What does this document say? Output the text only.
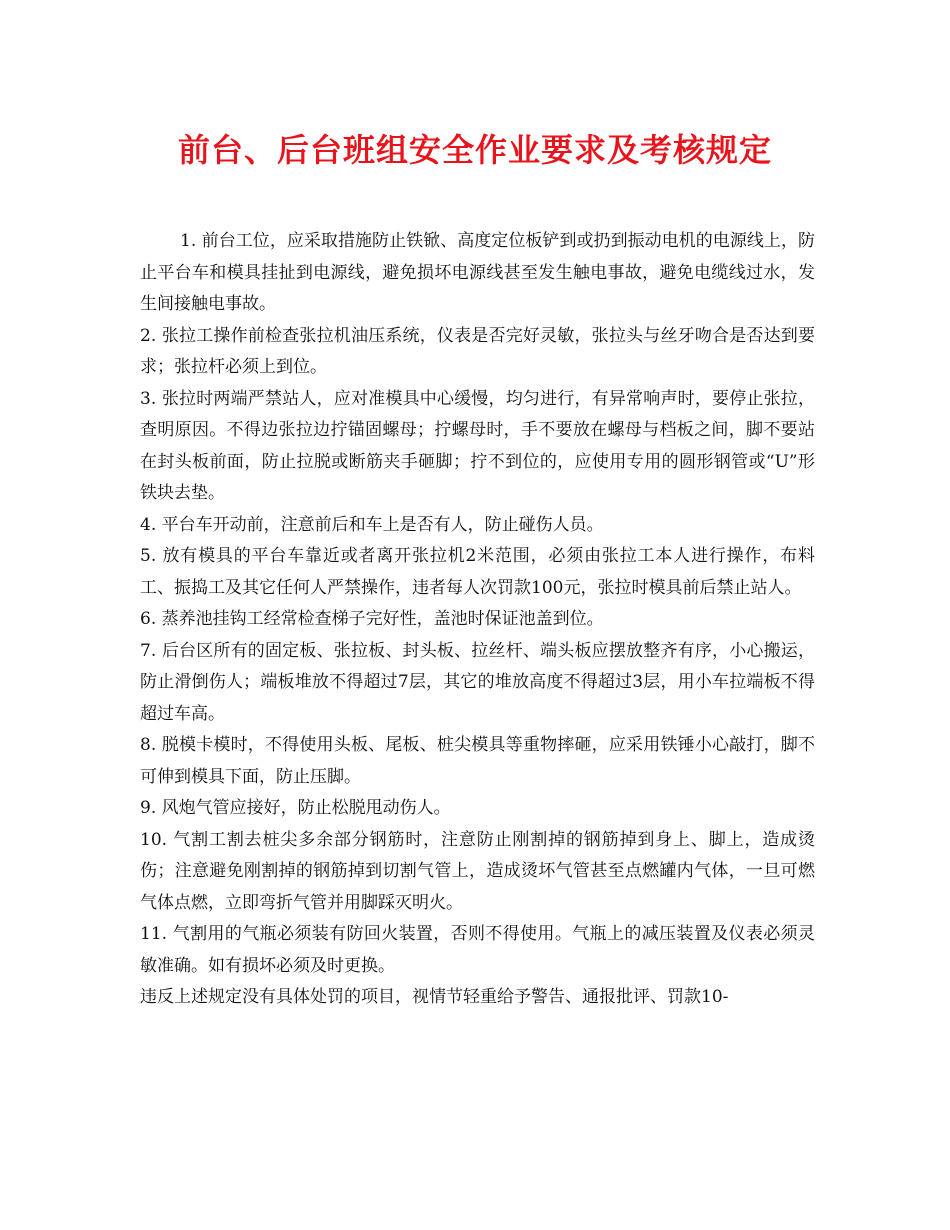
前台、后台班组安全作业要求及考核规定

1. 前台工位，应采取措施防止铁锨、高度定位板铲到或扔到振动电机的电源线上，防止平台车和模具挂扯到电源线，避免损坏电源线甚至发生触电事故，避免电缆线过水，发生间接触电事故。

2. 张拉工操作前检查张拉机油压系统，仪表是否完好灵敏，张拉头与丝牙吻合是否达到要求；张拉杆必须上到位。

3. 张拉时两端严禁站人，应对准模具中心缓慢，均匀进行，有异常响声时，要停止张拉，查明原因。不得边张拉边拧锚固螺母；拧螺母时，手不要放在螺母与档板之间，脚不要站在封头板前面，防止拉脱或断筋夹手砸脚；拧不到位的，应使用专用的圆形钢管或“U”形铁块去垫。

4. 平台车开动前，注意前后和车上是否有人，防止碰伤人员。

5. 放有模具的平台车靠近或者离开张拉机2米范围，必须由张拉工本人进行操作，布料工、振捣工及其它任何人严禁操作，违者每人次罚款100元，张拉时模具前后禁止站人。

6. 蒸养池挂钩工经常检查梯子完好性，盖池时保证池盖到位。

7. 后台区所有的固定板、张拉板、封头板、拉丝杆、端头板应摆放整齐有序，小心搬运，防止滑倒伤人；端板堆放不得超过7层，其它的堆放高度不得超过3层，用小车拉端板不得超过车高。

8. 脱模卡模时，不得使用头板、尾板、桩尖模具等重物摔砸，应采用铁锤小心敲打，脚不可伸到模具下面，防止压脚。

9. 风炮气管应接好，防止松脱甩动伤人。

10. 气割工割去桩尖多余部分钢筋时，注意防止刚割掉的钢筋掉到身上、脚上，造成烫伤；注意避免刚割掉的钢筋掉到切割气管上，造成烫坏气管甚至点燃罐内气体，一旦可燃气体点燃，立即弯折气管并用脚踩灭明火。

11. 气割用的气瓶必须装有防回火装置，否则不得使用。气瓶上的减压装置及仪表必须灵敏准确。如有损坏必须及时更换。

违反上述规定没有具体处罚的项目，视情节轻重给予警告、通报批评、罚款10-
